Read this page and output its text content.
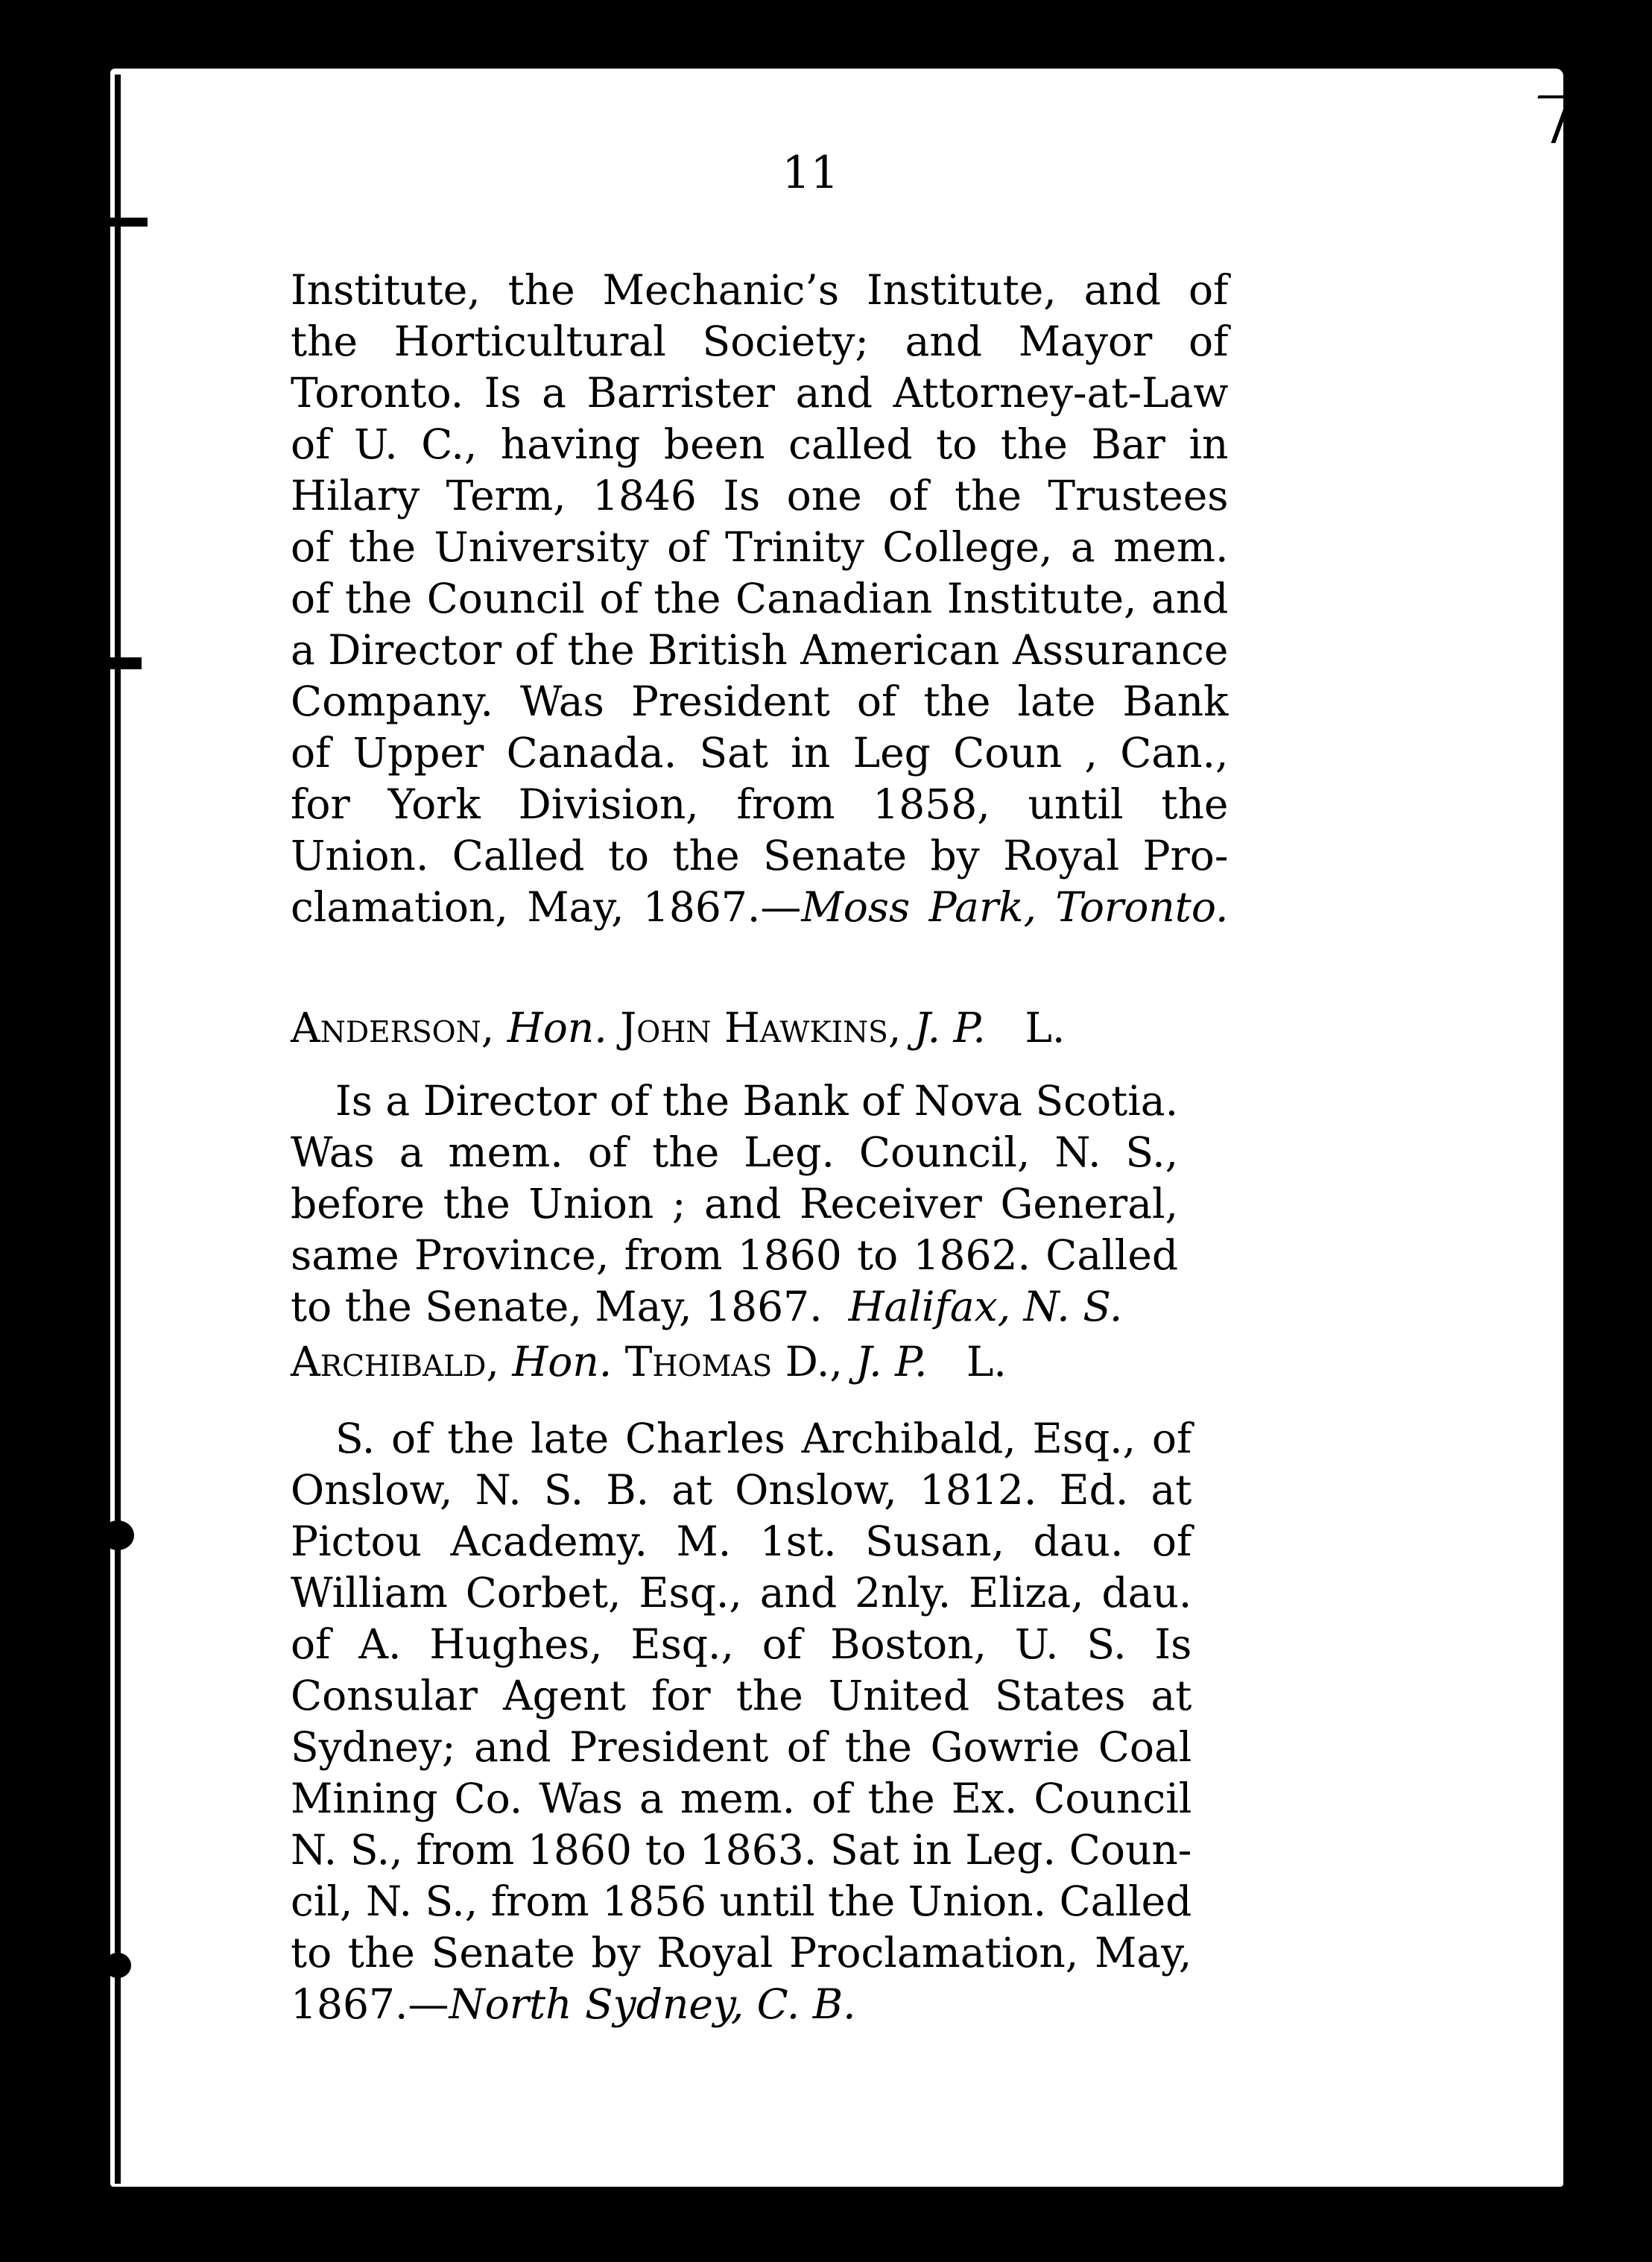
11
Institute, the Mechanic’s Institute, and of
the Horticultural Society; and Mayor of
Toronto. Is a Barrister and Attorney-at-Law
of U. C., having been called to the Bar in
Hilary Term, 1846 Is one of the Trustees
of the University of Trinity College, a mem.
of the Council of the Canadian Institute, and
a Director of the British American Assurance
Company. Was President of the late Bank
of Upper Canada. Sat in Leg Coun , Can.,
for York Division, from 1858, until the
Union. Called to the Senate by Royal Pro-
clamation, May, 1867.—Moss Park, Toronto.
Anderson, Hon. John Hawkins, J. P. L.
Is a Director of the Bank of Nova Scotia.
Was a mem. of the Leg. Council, N. S.,
before the Union ; and Receiver General,
same Province, from 1860 to 1862. Called
to the Senate, May, 1867. Halifax, N. S.
Archibald, Hon. Thomas D., J. P. L.
S. of the late Charles Archibald, Esq., of
Onslow, N. S. B. at Onslow, 1812. Ed. at
Pictou Academy. M. 1st. Susan, dau. of
William Corbet, Esq., and 2nly. Eliza, dau.
of A. Hughes, Esq., of Boston, U. S. Is
Consular Agent for the United States at
Sydney; and President of the Gowrie Coal
Mining Co. Was a mem. of the Ex. Council
N. S., from 1860 to 1863. Sat in Leg. Coun-
cil, N. S., from 1856 until the Union. Called
to the Senate by Royal Proclamation, May,
1867.—North Sydney, C. B.
